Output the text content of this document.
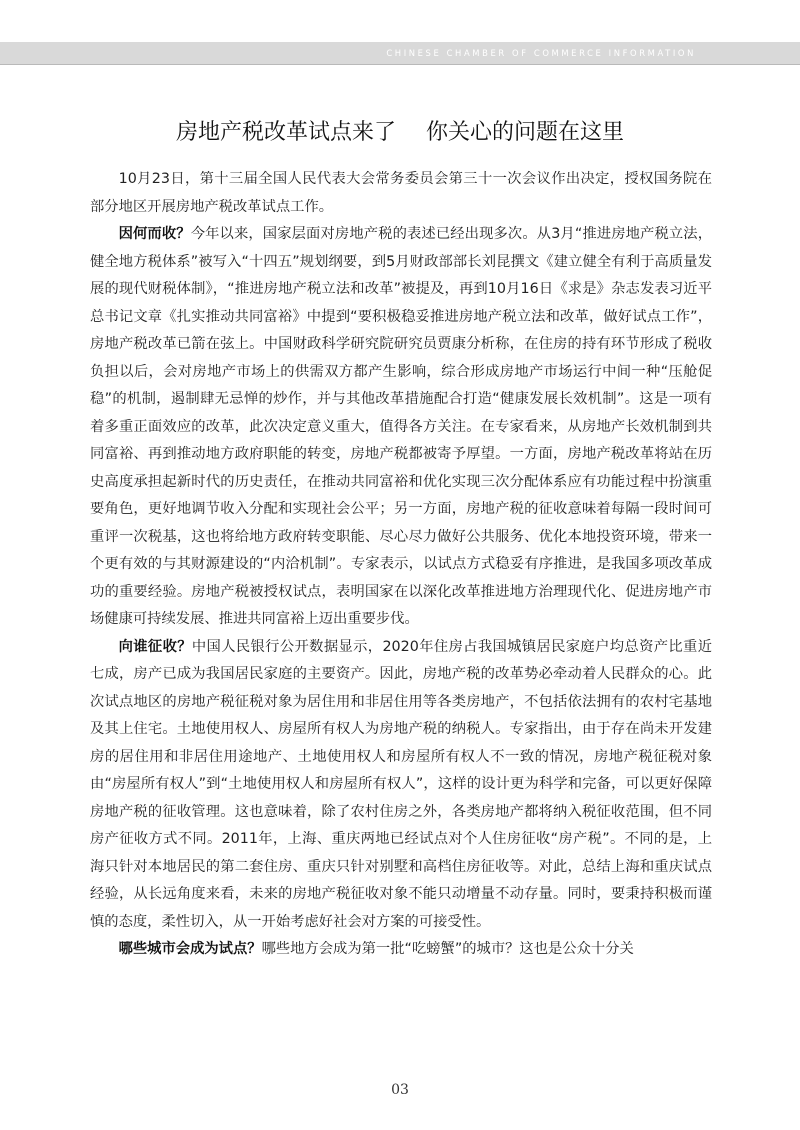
CHINESE CHAMBER OF COMMERCE INFORMATION
房地产税改革试点来了 你关心的问题在这里

10月23日，第十三届全国人民代表大会常务委员会第三十一次会议作出决定，授权国务院在部分地区开展房地产税改革试点工作。

因何而收？今年以来，国家层面对房地产税的表述已经出现多次。从3月“推进房地产税立法，健全地方税体系”被写入“十四五”规划纲要，到5月财政部部长刘昆撰文《建立健全有利于高质量发展的现代财税体制》，“推进房地产税立法和改革”被提及，再到10月16日《求是》杂志发表习近平总书记文章《扎实推动共同富裕》中提到“要积极稳妥推进房地产税立法和改革，做好试点工作”，房地产税改革已箭在弦上。中国财政科学研究院研究员贾康分析称，在住房的持有环节形成了税收负担以后，会对房地产市场上的供需双方都产生影响，综合形成房地产市场运行中间一种“压舱促稳”的机制，遏制肆无忌惮的炒作，并与其他改革措施配合打造“健康发展长效机制”。这是一项有着多重正面效应的改革，此次决定意义重大，值得各方关注。在专家看来，从房地产长效机制到共同富裕、再到推动地方政府职能的转变，房地产税都被寄予厚望。一方面，房地产税改革将站在历史高度承担起新时代的历史责任，在推动共同富裕和优化实现三次分配体系应有功能过程中扮演重要角色，更好地调节收入分配和实现社会公平；另一方面，房地产税的征收意味着每隔一段时间可重评一次税基，这也将给地方政府转变职能、尽心尽力做好公共服务、优化本地投资环境，带来一个更有效的与其财源建设的“内洽机制”。专家表示，以试点方式稳妥有序推进，是我国多项改革成功的重要经验。房地产税被授权试点，表明国家在以深化改革推进地方治理现代化、促进房地产市场健康可持续发展、推进共同富裕上迈出重要步伐。

向谁征收？中国人民银行公开数据显示，2020年住房占我国城镇居民家庭户均总资产比重近七成，房产已成为我国居民家庭的主要资产。因此，房地产税的改革势必牵动着人民群众的心。此次试点地区的房地产税征税对象为居住用和非居住用等各类房地产，不包括依法拥有的农村宅基地及其上住宅。土地使用权人、房屋所有权人为房地产税的纳税人。专家指出，由于存在尚未开发建房的居住用和非居住用途地产、土地使用权人和房屋所有权人不一致的情况，房地产税征税对象由“房屋所有权人”到“土地使用权人和房屋所有权人”，这样的设计更为科学和完备，可以更好保障房地产税的征收管理。这也意味着，除了农村住房之外，各类房地产都将纳入税征收范围，但不同房产征收方式不同。2011年，上海、重庆两地已经试点对个人住房征收“房产税”。不同的是，上海只针对本地居民的第二套住房、重庆只针对别墅和高档住房征收等。对此，总结上海和重庆试点经验，从长远角度来看，未来的房地产税征收对象不能只动增量不动存量。同时，要秉持积极而谨慎的态度，柔性切入，从一开始考虑好社会对方案的可接受性。

哪些城市会成为试点？哪些地方会成为第一批“吃螃蟹”的城市？这也是公众十分关

03
